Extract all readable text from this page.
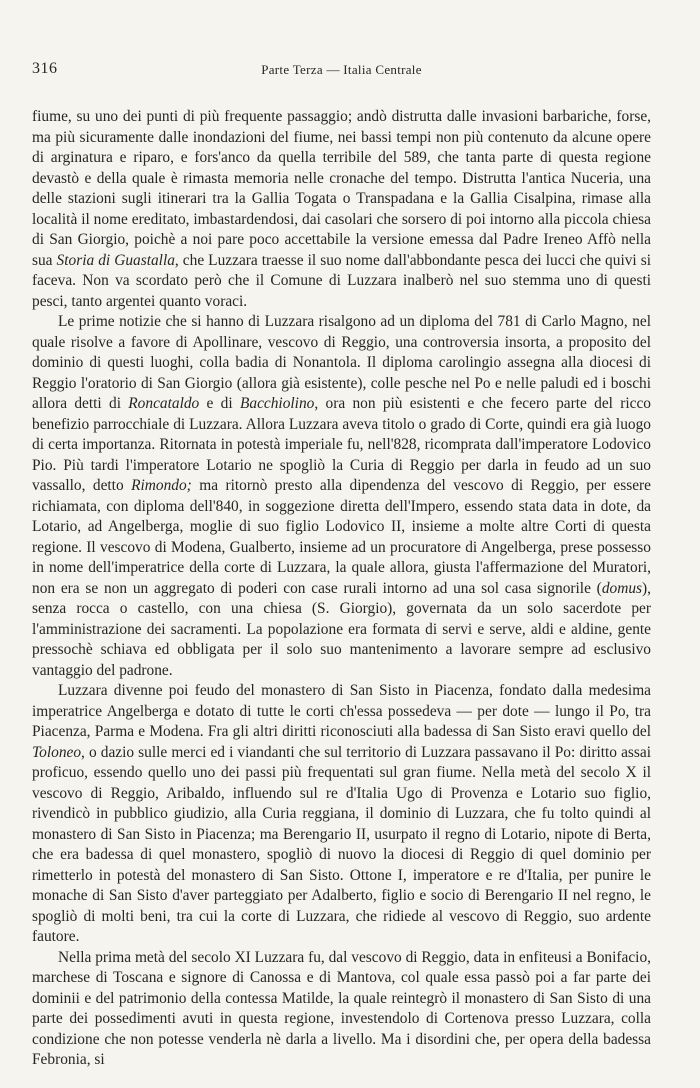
316	Parte Terza — Italia Centrale

fiume, su uno dei punti di più frequente passaggio; andò distrutta dalle invasioni barbariche, forse, ma più sicuramente dalle inondazioni del fiume, nei bassi tempi non più contenuto da alcune opere di arginatura e riparo, e fors'anco da quella terribile del 589, che tanta parte di questa regione devastò e della quale è rimasta memoria nelle cronache del tempo. Distrutta l'antica Nuceria, una delle stazioni sugli itinerari tra la Gallia Togata o Transpadana e la Gallia Cisalpina, rimase alla località il nome ereditato, imbastardendosi, dai casolari che sorsero di poi intorno alla piccola chiesa di San Giorgio, poichè a noi pare poco accettabile la versione emessa dal Padre Ireneo Affò nella sua Storia di Guastalla, che Luzzara traesse il suo nome dall'abbondante pesca dei lucci che quivi si faceva. Non va scordato però che il Comune di Luzzara inalberò nel suo stemma uno di questi pesci, tanto argentei quanto voraci.

Le prime notizie che si hanno di Luzzara risalgono ad un diploma del 781 di Carlo Magno, nel quale risolve a favore di Apollinare, vescovo di Reggio, una controversia insorta, a proposito del dominio di questi luoghi, colla badia di Nonantola. Il diploma carolingio assegna alla diocesi di Reggio l'oratorio di San Giorgio (allora già esistente), colle pesche nel Po e nelle paludi ed i boschi allora detti di Roncataldo e di Bacchiolino, ora non più esistenti e che fecero parte del ricco benefizio parrocchiale di Luzzara. Allora Luzzara aveva titolo o grado di Corte, quindi era già luogo di certa importanza. Ritornata in potestà imperiale fu, nell'828, ricomprata dall'imperatore Lodovico Pio. Più tardi l'imperatore Lotario ne spogliò la Curia di Reggio per darla in feudo ad un suo vassallo, detto Rimondo; ma ritornò presto alla dipendenza del vescovo di Reggio, per essere richiamata, con diploma dell'840, in soggezione diretta dell'Impero, essendo stata data in dote, da Lotario, ad Angelberga, moglie di suo figlio Lodovico II, insieme a molte altre Corti di questa regione. Il vescovo di Modena, Gualberto, insieme ad un procuratore di Angelberga, prese possesso in nome dell'imperatrice della corte di Luzzara, la quale allora, giusta l'affermazione del Muratori, non era se non un aggregato di poderi con case rurali intorno ad una sol casa signorile (domus), senza rocca o castello, con una chiesa (S. Giorgio), governata da un solo sacerdote per l'amministrazione dei sacramenti. La popolazione era formata di servi e serve, aldi e aldine, gente pressochè schiava ed obbligata per il solo suo mantenimento a lavorare sempre ad esclusivo vantaggio del padrone.

Luzzara divenne poi feudo del monastero di San Sisto in Piacenza, fondato dalla medesima imperatrice Angelberga e dotato di tutte le corti ch'essa possedeva — per dote — lungo il Po, tra Piacenza, Parma e Modena. Fra gli altri diritti riconosciuti alla badessa di San Sisto eravi quello del Toloneo, o dazio sulle merci ed i viandanti che sul territorio di Luzzara passavano il Po: diritto assai proficuo, essendo quello uno dei passi più frequentati sul gran fiume. Nella metà del secolo X il vescovo di Reggio, Aribaldo, influendo sul re d'Italia Ugo di Provenza e Lotario suo figlio, rivendicò in pubblico giudizio, alla Curia reggiana, il dominio di Luzzara, che fu tolto quindi al monastero di San Sisto in Piacenza; ma Berengario II, usurpato il regno di Lotario, nipote di Berta, che era badessa di quel monastero, spogliò di nuovo la diocesi di Reggio di quel dominio per rimetterlo in potestà del monastero di San Sisto. Ottone I, imperatore e re d'Italia, per punire le monache di San Sisto d'aver parteggiato per Adalberto, figlio e socio di Berengario II nel regno, le spogliò di molti beni, tra cui la corte di Luzzara, che ridiede al vescovo di Reggio, suo ardente fautore.

Nella prima metà del secolo XI Luzzara fu, dal vescovo di Reggio, data in enfiteusi a Bonifacio, marchese di Toscana e signore di Canossa e di Mantova, col quale essa passò poi a far parte dei dominii e del patrimonio della contessa Matilde, la quale reintegrò il monastero di San Sisto di una parte dei possedimenti avuti in questa regione, investendolo di Cortenova presso Luzzara, colla condizione che non potesse venderla nè darla a livello. Ma i disordini che, per opera della badessa Febronia, si
